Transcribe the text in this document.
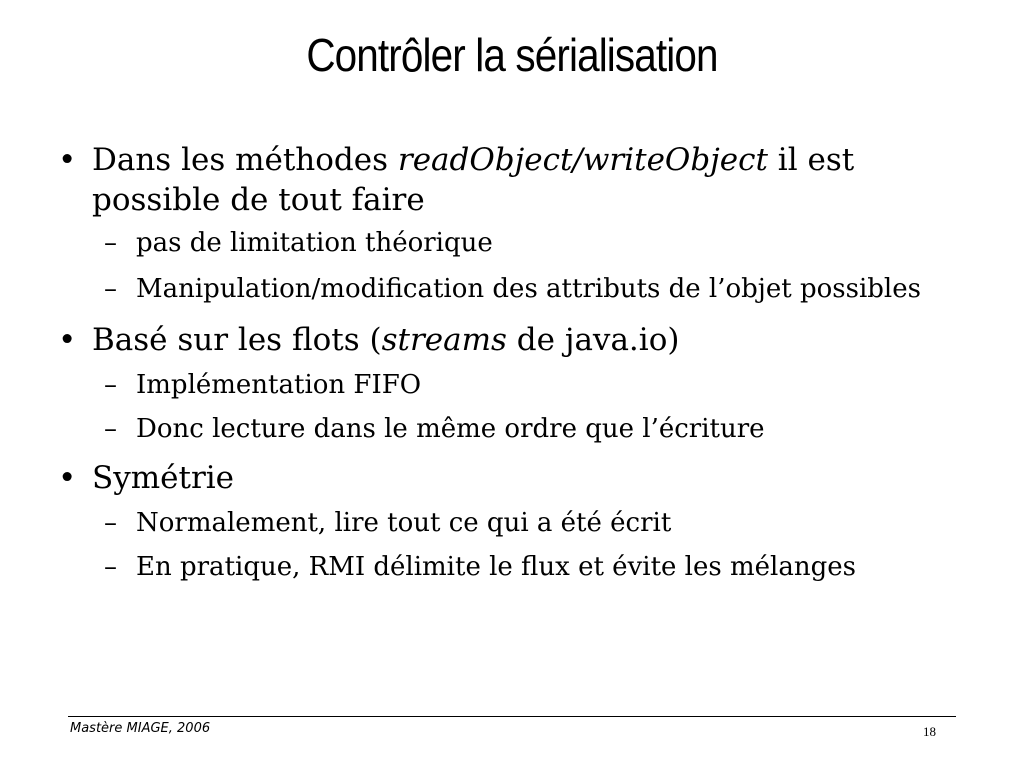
Contrôler la sérialisation
• Dans les méthodes readObject/writeObject il est possible de tout faire
– pas de limitation théorique
– Manipulation/modification des attributs de l’objet possibles
• Basé sur les flots (streams de java.io)
– Implémentation FIFO
– Donc lecture dans le même ordre que l’écriture
• Symétrie
– Normalement, lire tout ce qui a été écrit
– En pratique, RMI délimite le flux et évite les mélanges
Mastère MIAGE, 2006	18
